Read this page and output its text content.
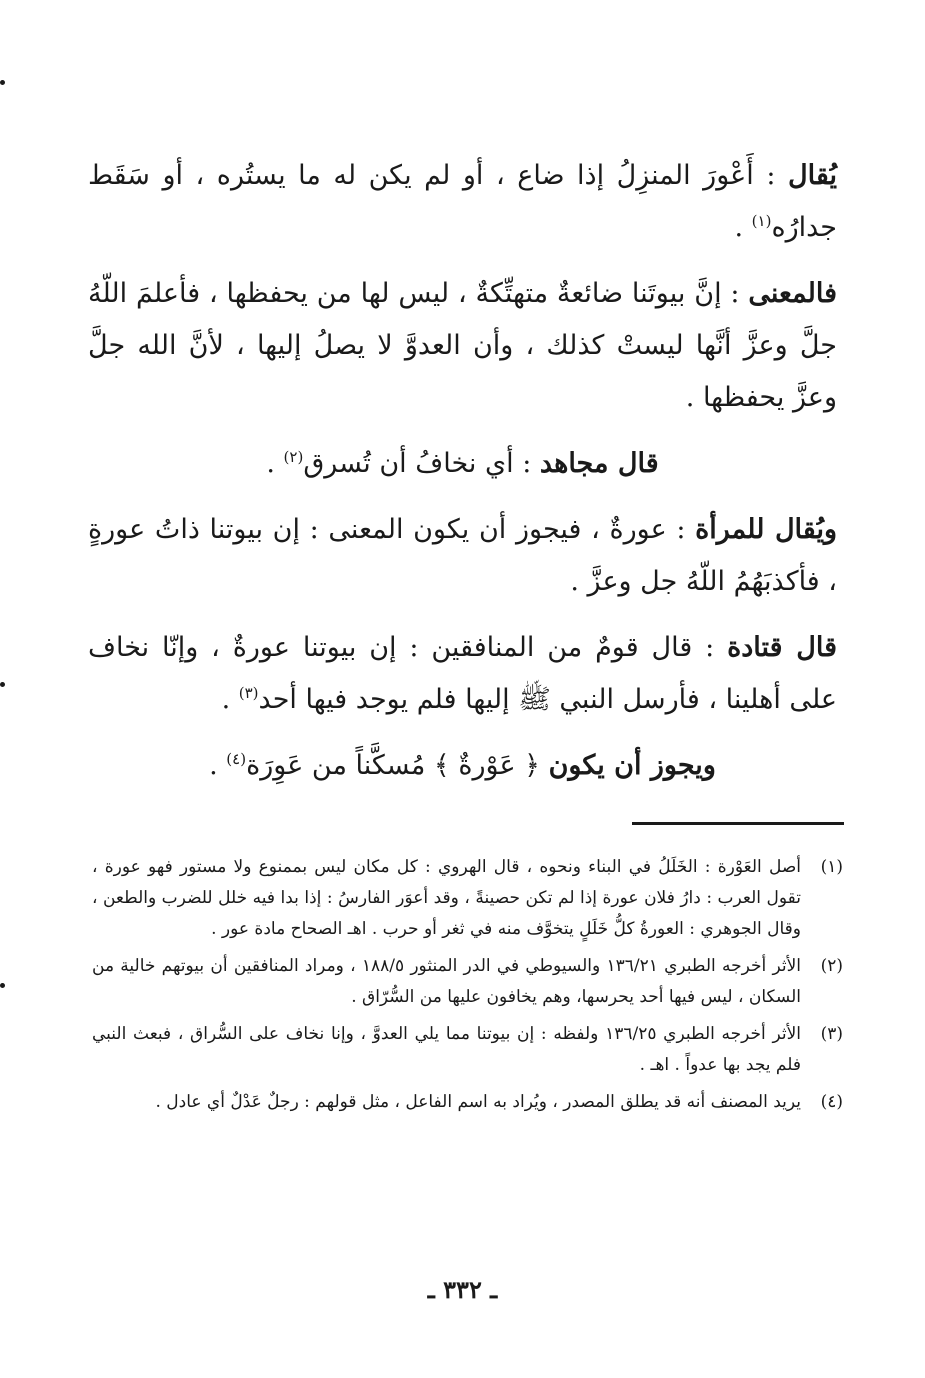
يُقال : أَعْورَ المنزِلُ إذا ضاع ، أو لم يكن له ما يستُره ، أو سَقَط جدارُه$^{(١)}$ .

فالمعنى : إنَّ بيوتَنا ضائعةٌ متهتِّكةٌ ، ليس لها من يحفظها ، فأعلمَ اللّهُ جلَّ وعزَّ أنَّها ليستْ كذلك ، وأن العدوَّ لا يصلُ إليها ، لأنَّ الله جلَّ وعزَّ يحفظها .

قال مجاهد : أي نخافُ أن تُسرق$^{(٢)}$ .

ويُقال للمرأة : عورةٌ ، فيجوز أن يكون المعنى : إن بيوتنا ذاتُ عورةٍ ، فأكذبَهُمُ اللّهُ جل وعزَّ .

قال قتادة : قال قومٌ من المنافقين : إن بيوتنا عورةٌ ، وإنّا نخاف على أهلينا ، فأرسل النبي ﷺ إليها فلم يوجد فيها أحد$^{(٣)}$ .

ويجوز أن يكون ﴿ عَوْرةٌ ﴾ مُسكَّناً من عَوِرَة$^{(٤)}$ .

(١)
أصل العَوْرة : الخَلَلُ في البناء ونحوه ، قال الهروي : كل مكان ليس بممنوع ولا مستور فهو عورة ، تقول العرب : دارُ فلان عورة إذا لم تكن حصينةً ، وقد أعوَر الفارسُ : إذا بدا فيه خلل للضرب والطعن ، وقال الجوهري : العورةُ كلُّ خَلَلٍ يتخوَّف منه في ثغر أو حرب . اهـ الصحاح مادة عور .
(٢)
الأثر أخرجه الطبري ١٣٦/٢١ والسيوطي في الدر المنثور ١٨٨/٥ ، ومراد المنافقين أن بيوتهم خالية من السكان ، ليس فيها أحد يحرسها، وهم يخافون عليها من السُّرّاق .
(٣)
الأثر أخرجه الطبري ١٣٦/٢٥ ولفظه : إن بيوتنا مما يلي العدوَّ ، وإنا نخاف على السُّراق ، فبعث النبي فلم يجد بها عدواً . اهـ .
(٤)
يريد المصنف أنه قد يطلق المصدر ، ويُراد به اسم الفاعل ، مثل قولهم : رجلٌ عَدْلٌ أي عادل .
ـ ٣٣٢ ـ
